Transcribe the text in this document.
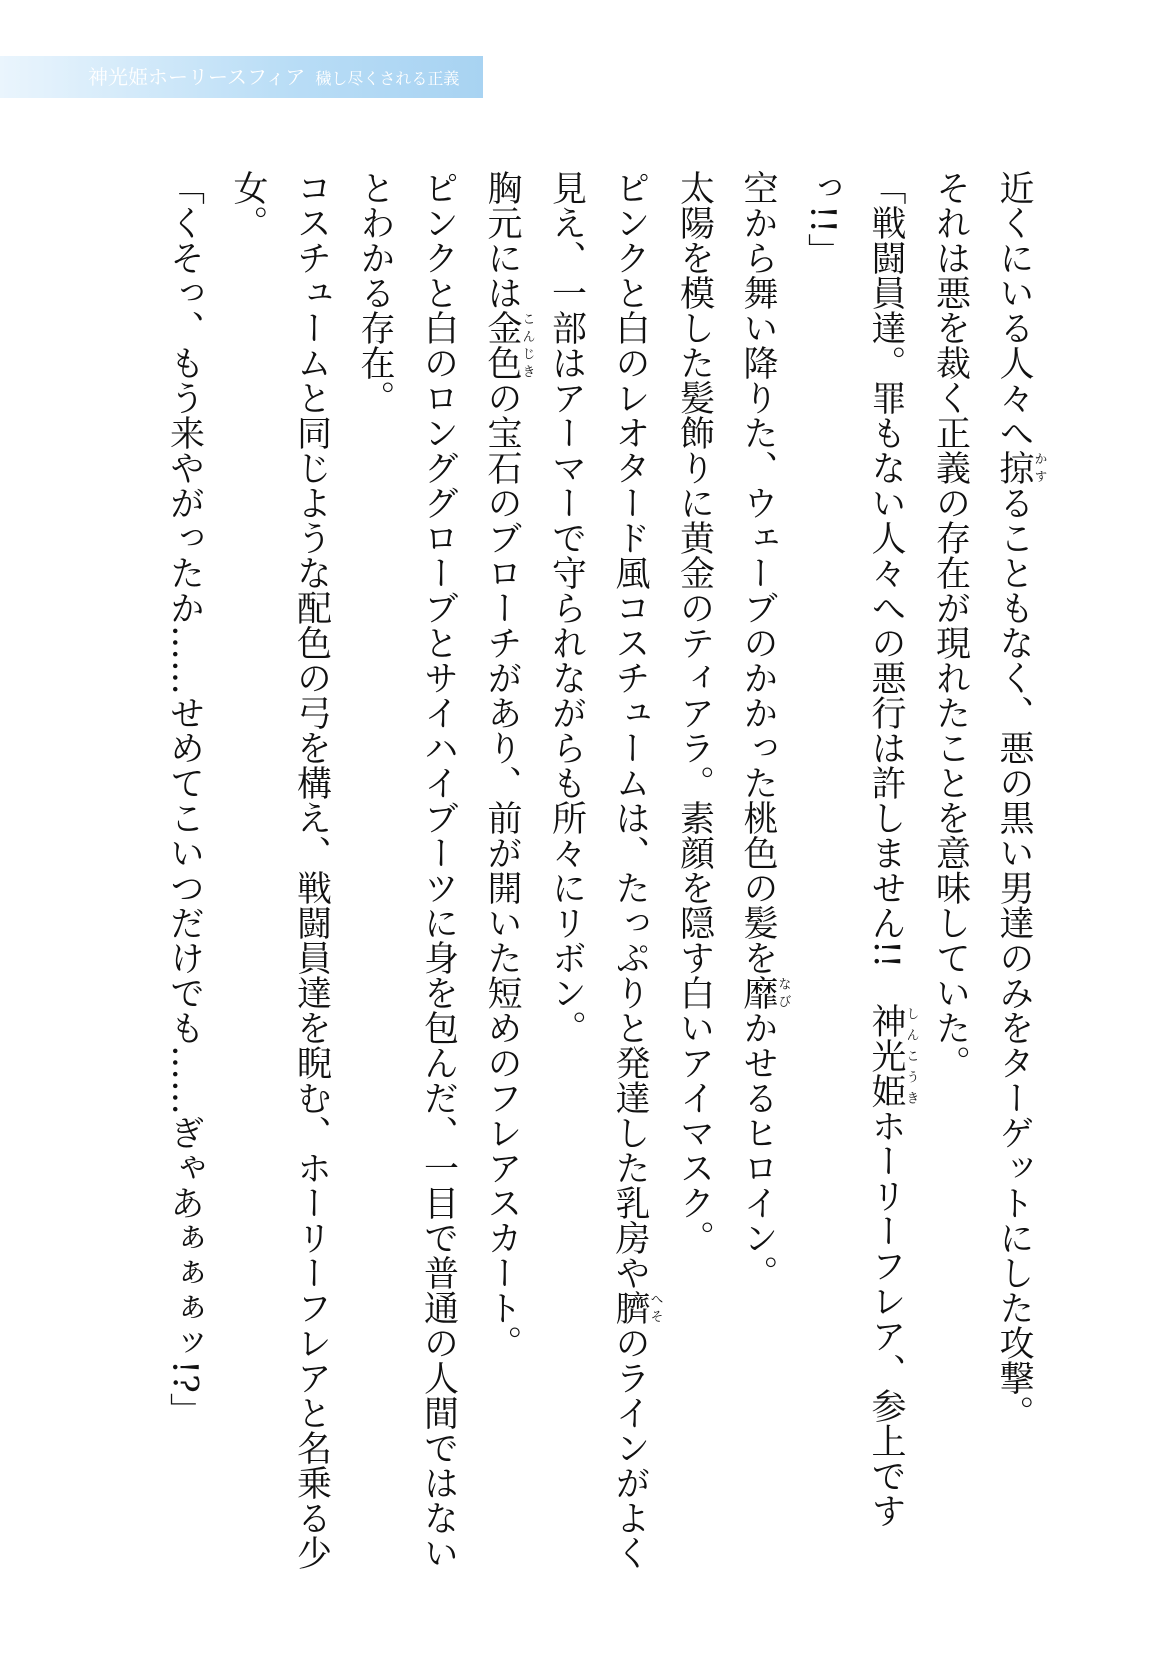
神光姫ホーリースフィア 穢し尽くされる正義

近くにいる人々へ掠かすることもなく、悪の黒い男達のみをターゲットにした攻撃。

それは悪を裁く正義の存在が現れたことを意味していた。

「戦闘員達。罪もない人々への悪行は許しません!!　神光姫しんこうきホーリーフレア、参上ですっ!!」

空から舞い降りた、ウェーブのかかった桃色の髪を靡なびかせるヒロイン。

太陽を模した髪飾りに黄金のティアラ。素顔を隠す白いアイマスク。

ピンクと白のレオタード風コスチュームは、たっぷりと発達した乳房や臍へそのラインがよく見え、一部はアーマーで守られながらも所々にリボン。

胸元には金色こんじきの宝石のブローチがあり、前が開いた短めのフレアスカート。

ピンクと白のロンググローブとサイハイブーツに身を包んだ、一目で普通の人間ではないとわかる存在。

コスチュームと同じような配色の弓を構え、戦闘員達を睨む、ホーリーフレアと名乗る少女。

「くそっ、もう来やがったか……せめてこいつだけでも……ぎゃあぁぁぁッ!?」
